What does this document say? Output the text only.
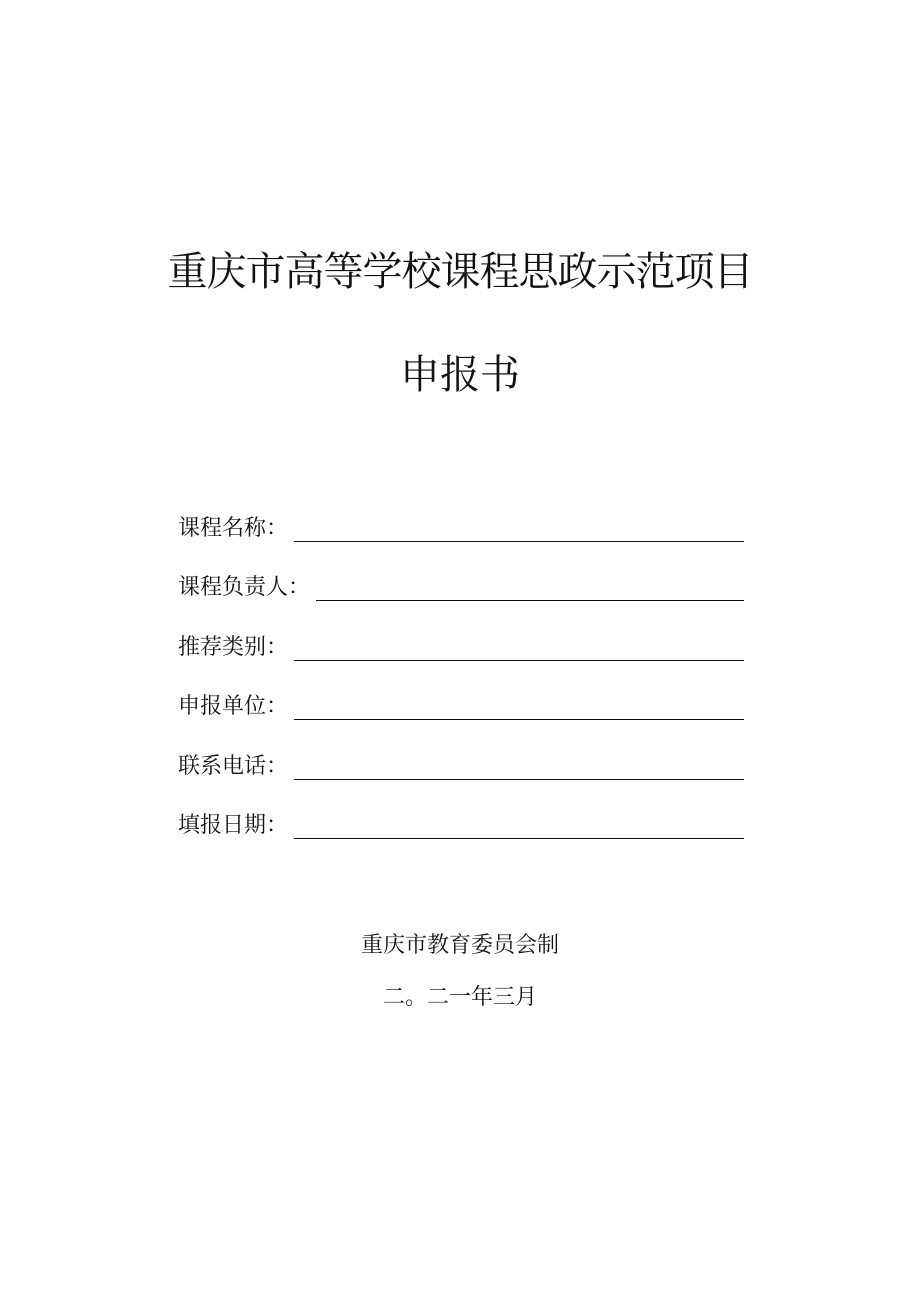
重庆市高等学校课程思政示范项目
申报书
课程名称：
课程负责人：
推荐类别：
申报单位：
联系电话：
填报日期：
重庆市教育委员会制
二。二一年三月
